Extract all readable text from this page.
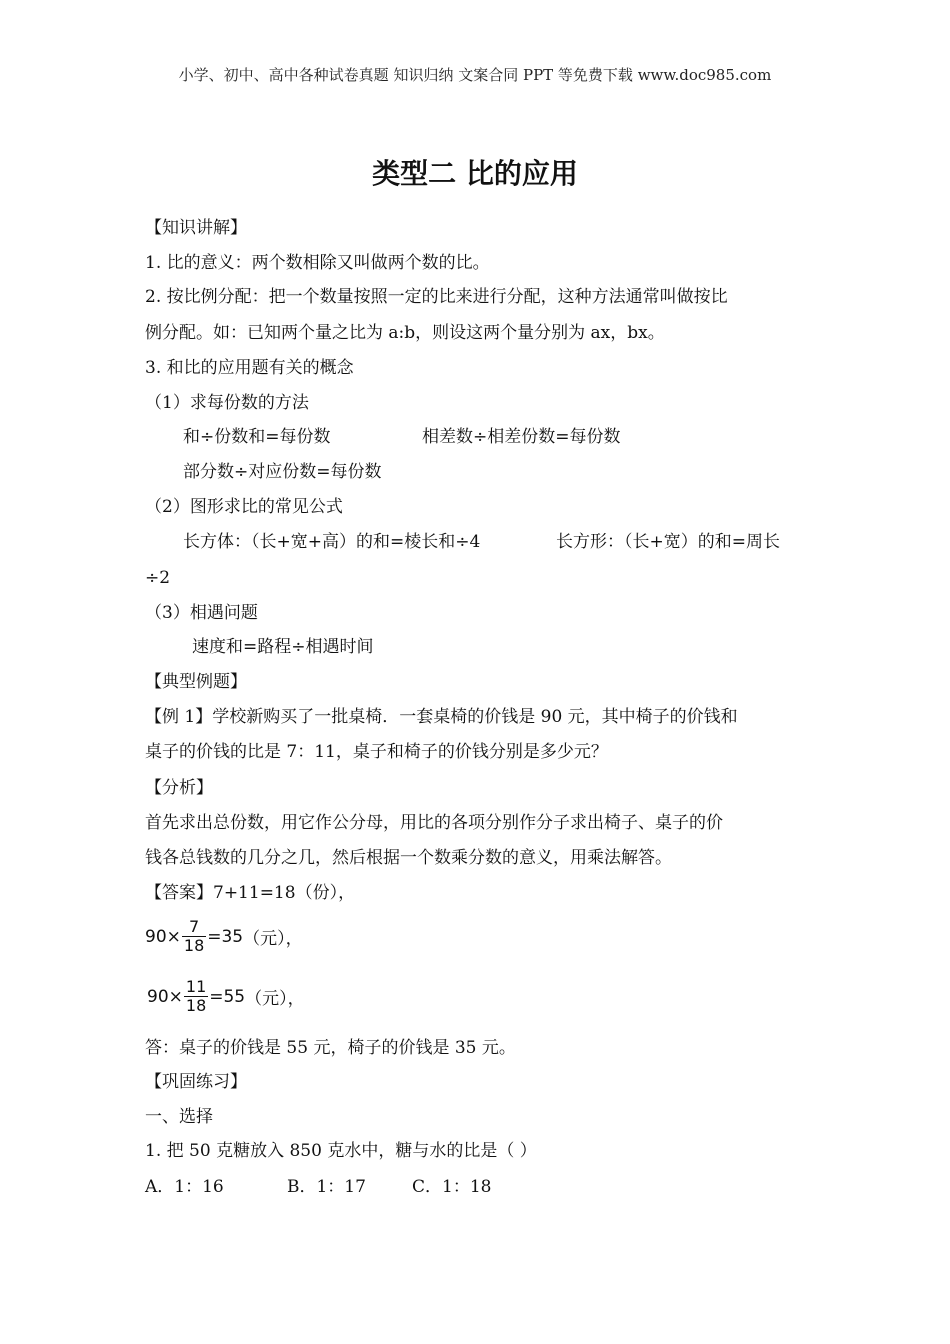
小学、初中、高中各种试卷真题 知识归纳 文案合同 PPT 等免费下载 www.doc985.com
类型二 比的应用
【知识讲解】
1. 比的意义：两个数相除又叫做两个数的比。
2. 按比例分配：把一个数量按照一定的比来进行分配，这种方法通常叫做按比
例分配。如：已知两个量之比为 a:b，则设这两个量分别为 ax，bx。
3. 和比的应用题有关的概念
（1）求每份数的方法
和÷份数和=每份数	相差数÷相差份数=每份数
部分数÷对应份数=每份数
（2）图形求比的常见公式
长方体：（长+宽+高）的和=棱长和÷4	长方形：（长+宽）的和=周长
÷2
（3）相遇问题
速度和=路程÷相遇时间
【典型例题】
【例 1】学校新购买了一批桌椅．一套桌椅的价钱是 90 元，其中椅子的价钱和
桌子的价钱的比是 7：11，桌子和椅子的价钱分别是多少元？
【分析】
首先求出总份数，用它作公分母，用比的各项分别作分子求出椅子、桌子的价
钱各总钱数的几分之几，然后根据一个数乘分数的意义，用乘法解答。
【答案】7+11=18（份），
$90\times \frac{7}{18} =35$ （元），
$90\times \frac{11}{18} =55$ （元），
答：桌子的价钱是 55 元，椅子的价钱是 35 元。
【巩固练习】
一、选择
1. 把 50 克糖放入 850 克水中，糖与水的比是（ ）
A．1：16	B．1：17	C．1：18
